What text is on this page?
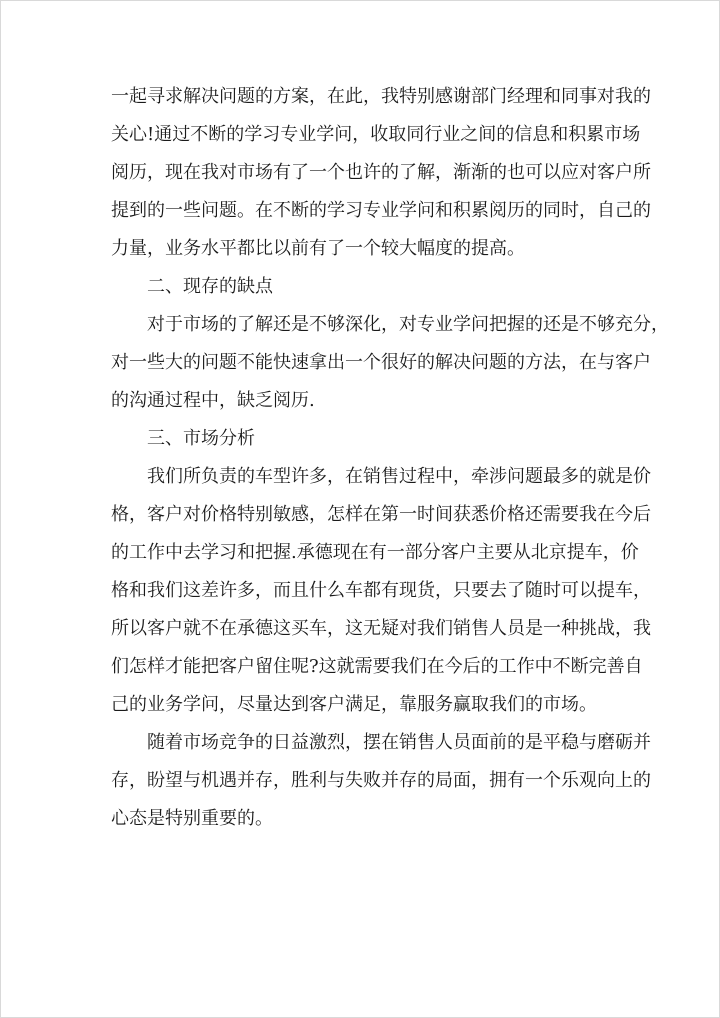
一起寻求解决问题的方案，在此，我特别感谢部门经理和同事对我的
关心!通过不断的学习专业学问，收取同行业之间的信息和积累市场
阅历，现在我对市场有了一个也许的了解，渐渐的也可以应对客户所
提到的一些问题。在不断的学习专业学问和积累阅历的同时，自己的
力量，业务水平都比以前有了一个较大幅度的提高。
二、现存的缺点
对于市场的了解还是不够深化，对专业学问把握的还是不够充分，
对一些大的问题不能快速拿出一个很好的解决问题的方法，在与客户
的沟通过程中，缺乏阅历.
三、市场分析
我们所负责的车型许多，在销售过程中，牵涉问题最多的就是价
格，客户对价格特别敏感，怎样在第一时间获悉价格还需要我在今后
的工作中去学习和把握.承德现在有一部分客户主要从北京提车，价
格和我们这差许多，而且什么车都有现货，只要去了随时可以提车，
所以客户就不在承德这买车，这无疑对我们销售人员是一种挑战，我
们怎样才能把客户留住呢?这就需要我们在今后的工作中不断完善自
己的业务学问，尽量达到客户满足，靠服务赢取我们的市场。
随着市场竞争的日益激烈，摆在销售人员面前的是平稳与磨砺并
存，盼望与机遇并存，胜利与失败并存的局面，拥有一个乐观向上的
心态是特别重要的。
